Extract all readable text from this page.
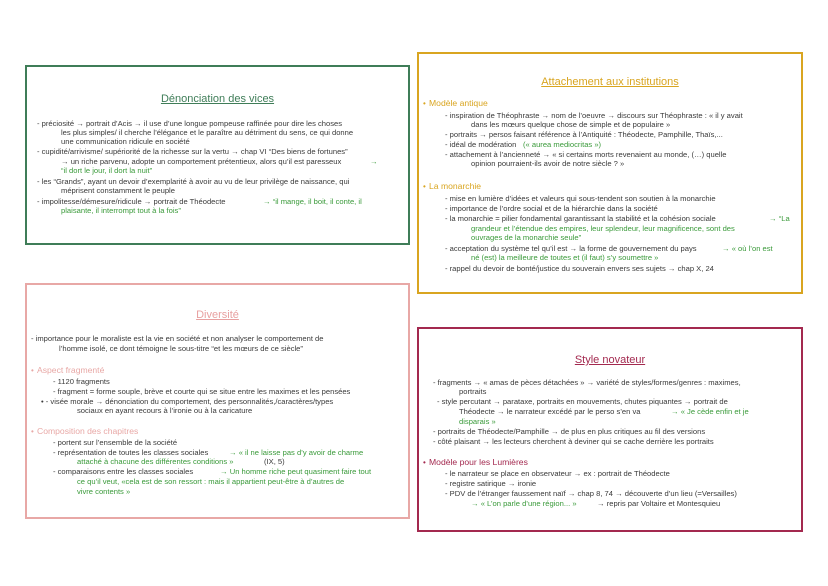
Dénonciation des vices
- préciosité → portrait d’Acis → il use d’une longue pompeuse raffinée pour dire les choses
les plus simples/ il cherche l’élégance et le paraître au détriment du sens, ce qui donne
une communication ridicule en société
- cupidité/arrivisme/ supériorité de la richesse sur la vertu → chap VI “Des biens de fortunes”
→ un riche parvenu, adopte un comportement prétentieux, alors qu’il est paresseux	→
“il dort le jour, il dort la nuit”
- les “Grands”, ayant un devoir d’exemplarité à avoir au vu de leur privilège de naissance, qui
méprisent constamment le peuple
- impolitesse/démesure/ridicule → portrait de Théodecte	→ “il mange, il boit, il conte, il
plaisante, il interrompt tout à la fois”
Attachement aux institutions
• Modèle antique
- inspiration de Théophraste → nom de l’oeuvre → discours sur Théophraste : « il y avait
dans les mœurs quelque chose de simple et de populaire »
- portraits → persos faisant référence à l’Antiquité : Théodecte, Pamphille, Thaïs,...
- idéal de modération (« aurea mediocritas »)
- attachement à l’ancienneté → « si certains morts revenaient au monde, (…) quelle
opinion pourraient-ils avoir de notre siècle ? »
• La monarchie
- mise en lumière d’idées et valeurs qui sous-tendent son soutien à la monarchie
- importance de l’ordre social et de la hiérarchie dans la société
- la monarchie = pilier fondamental garantissant la stabilité et la cohésion sociale	→ “La
grandeur et l’étendue des empires, leur splendeur, leur magnificence, sont des
ouvrages de la monarchie seule”
- acceptation du système tel qu’il est → la forme de gouvernement du pays	→ « où l’on est
né (est) la meilleure de toutes et (il faut) s’y soumettre »
- rappel du devoir de bonté/justice du souverain envers ses sujets → chap X, 24
Diversité
- importance pour le moraliste est la vie en société et non analyser le comportement de
l’homme isolé, ce dont témoigne le sous-titre “et les mœurs de ce siècle”
• Aspect fragmenté
- 1120 fragments
- fragment = forme souple, brève et courte qui se situe entre les maximes et les pensées
• - visée morale → dénonciation du comportement, des personnalités,/caractères/types
sociaux en ayant recours à l’ironie ou à la caricature
• Composition des chapitres
- portent sur l’ensemble de la société
- représentation de toutes les classes sociales	→ « il ne laisse pas d’y avoir de charme
attaché à chacune des différentes conditions »	(IX, 5)
- comparaisons entre les classes sociales	→ Un homme riche peut quasiment faire tout
ce qu’il veut, «cela est de son ressort : mais il appartient peut-être à d’autres de
vivre contents »
Style novateur
- fragments → « amas de pèces détachées » → variété de styles/formes/genres : maximes,
portraits
- style percutant → parataxe, portraits en mouvements, chutes piquantes → portrait de
Théodecte → le narrateur excédé par le perso s’en va	→ « Je cède enfin et je
disparais »
- portraits de Théodecte/Pamphille → de plus en plus critiques au fil des versions
- côté plaisant → les lecteurs cherchent à deviner qui se cache derrière les portraits
• Modèle pour les Lumières
- le narrateur se place en observateur → ex : portrait de Théodecte
- registre satirique → ironie
- PDV de l’étranger faussement naïf → chap 8, 74 → découverte d’un lieu (=Versailles)
→ « L’on parle d’une région... »	→ repris par Voltaire et Montesquieu
